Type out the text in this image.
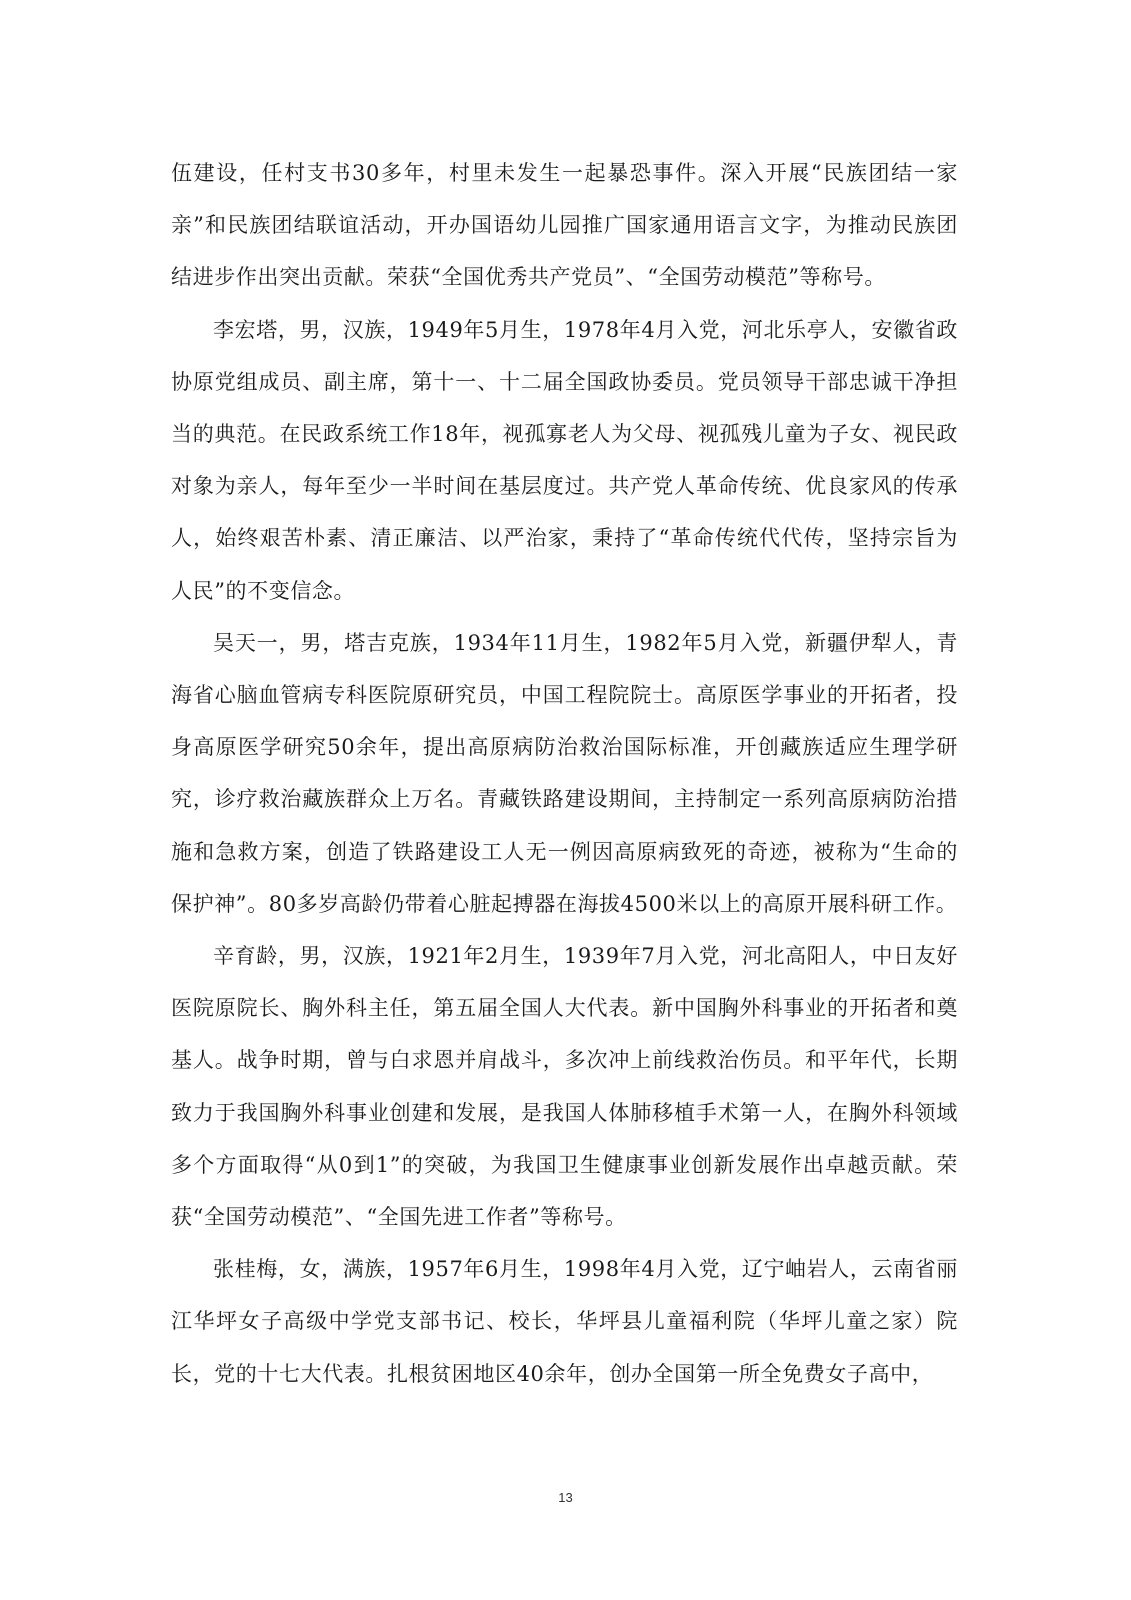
伍建设，任村支书30多年，村里未发生一起暴恐事件。深入开展“民族团结一家亲”和民族团结联谊活动，开办国语幼儿园推广国家通用语言文字，为推动民族团结进步作出突出贡献。荣获“全国优秀共产党员”、“全国劳动模范”等称号。

李宏塔，男，汉族，1949年5月生，1978年4月入党，河北乐亭人，安徽省政协原党组成员、副主席，第十一、十二届全国政协委员。党员领导干部忠诚干净担当的典范。在民政系统工作18年，视孤寡老人为父母、视孤残儿童为子女、视民政对象为亲人，每年至少一半时间在基层度过。共产党人革命传统、优良家风的传承人，始终艰苦朴素、清正廉洁、以严治家，秉持了“革命传统代代传，坚持宗旨为人民”的不变信念。

吴天一，男，塔吉克族，1934年11月生，1982年5月入党，新疆伊犁人，青海省心脑血管病专科医院原研究员，中国工程院院士。高原医学事业的开拓者，投身高原医学研究50余年，提出高原病防治救治国际标准，开创藏族适应生理学研究，诊疗救治藏族群众上万名。青藏铁路建设期间，主持制定一系列高原病防治措施和急救方案，创造了铁路建设工人无一例因高原病致死的奇迹，被称为“生命的保护神”。80多岁高龄仍带着心脏起搏器在海拔4500米以上的高原开展科研工作。

辛育龄，男，汉族，1921年2月生，1939年7月入党，河北高阳人，中日友好医院原院长、胸外科主任，第五届全国人大代表。新中国胸外科事业的开拓者和奠基人。战争时期，曾与白求恩并肩战斗，多次冲上前线救治伤员。和平年代，长期致力于我国胸外科事业创建和发展，是我国人体肺移植手术第一人，在胸外科领域多个方面取得“从0到1”的突破，为我国卫生健康事业创新发展作出卓越贡献。荣获“全国劳动模范”、“全国先进工作者”等称号。

张桂梅，女，满族，1957年6月生，1998年4月入党，辽宁岫岩人，云南省丽江华坪女子高级中学党支部书记、校长，华坪县儿童福利院（华坪儿童之家）院长，党的十七大代表。扎根贫困地区40余年，创办全国第一所全免费女子高中，

13
